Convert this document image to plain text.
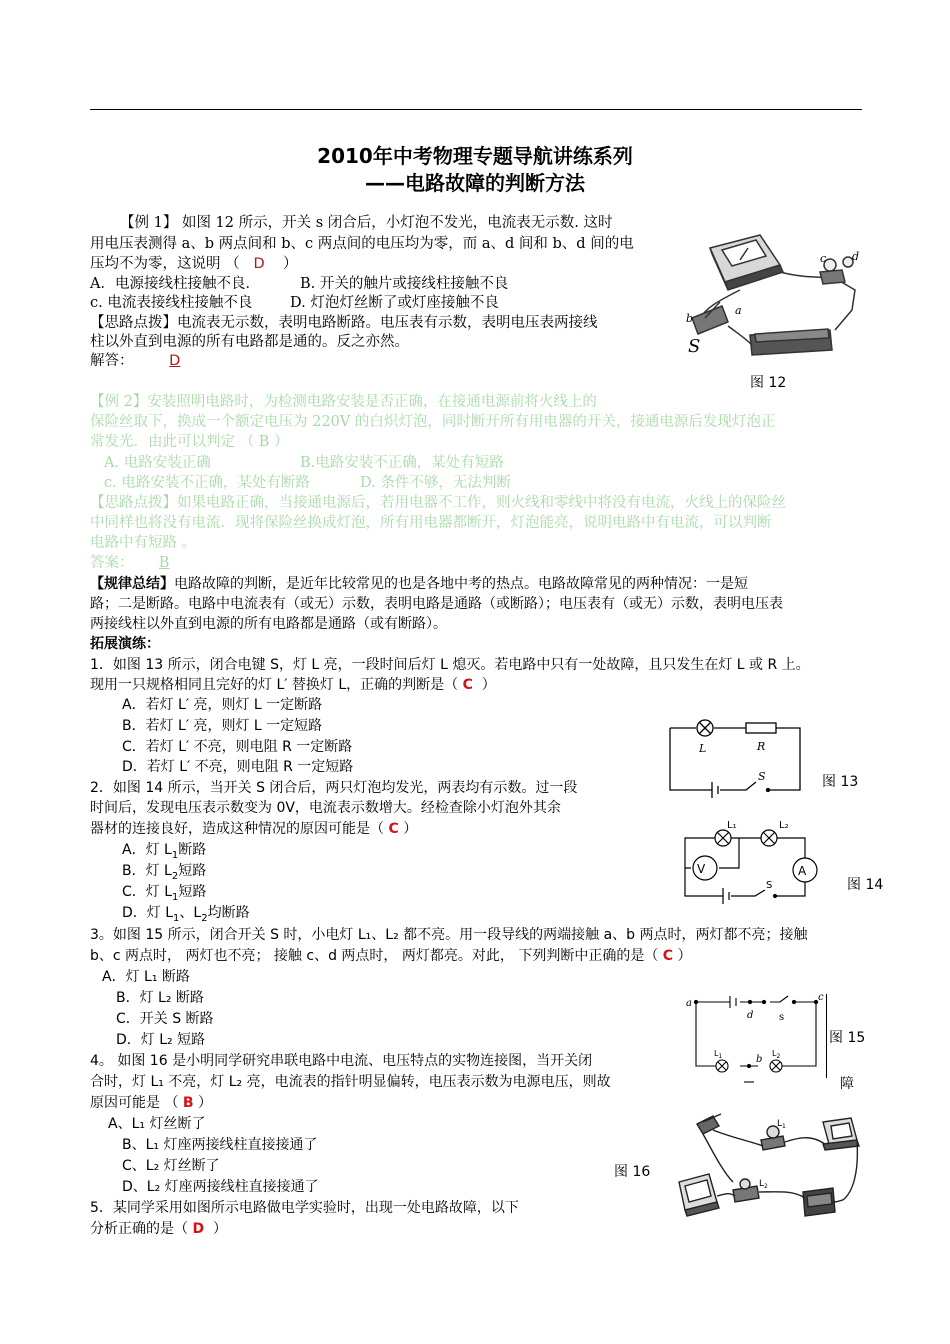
2010年中考物理专题导航讲练系列
——电路故障的判断方法
【例 1】 如图 12 所示，开关 s 闭合后，小灯泡不发光，电流表无示数. 这时
用电压表测得 a、b 两点间和 b、c 两点间的电压均为零，而 a、d 间和 b、d 间的电
压均不为零，这说明 （ D ）
A．电源接线柱接触不良．	B. 开关的触片或接线柱接触不良
c. 电流表接线柱接触不良	D. 灯泡灯丝断了或灯座接触不良
【思路点拨】电流表无示数，表明电路断路。电压表有示数，表明电压表两接线
柱以外直到电源的所有电路都是通的。反之亦然。
解答： D
c d
b
a
S
图 12
【例 2】安装照明电路时，为检测电路安装是否正确，在接通电源前将火线上的
保险丝取下，换成一个额定电压为 220V 的白炽灯泡，同时断开所有用电器的开关，接通电源后发现灯泡正
常发光．由此可以判定 （ B ）
A. 电路安装正确	B.电路安装不正确，某处有短路
c. 电路安装不正确，某处有断路	D. 条件不够，无法判断
【思路点拨】如果电路正确，当接通电源后，若用电器不工作，则火线和零线中将没有电流，火线上的保险丝
中同样也将没有电流．现将保险丝换成灯泡，所有用电器都断开，灯泡能亮，说明电路中有电流，可以判断
电路中有短路 。
答案： B
【规律总结】电路故障的判断，是近年比较常见的也是各地中考的热点。电路故障常见的两种情况：一是短
路；二是断路。电路中电流表有（或无）示数，表明电路是通路（或断路）；电压表有（或无）示数，表明电压表
两接线柱以外直到电源的所有电路都是通路（或有断路）。
拓展演练：
1．如图 13 所示，闭合电键 S，灯 L 亮，一段时间后灯 L 熄灭。若电路中只有一处故障，且只发生在灯 L 或 R 上。
现用一只规格相同且完好的灯 L′ 替换灯 L，正确的判断是（ C ）
A．若灯 L′ 亮，则灯 L 一定断路
B．若灯 L′ 亮，则灯 L 一定短路
C．若灯 L′ 不亮，则电阻 R 一定断路
D．若灯 L′ 不亮，则电阻 R 一定短路
L	R
S	图 13
2．如图 14 所示，当开关 S 闭合后，两只灯泡均发光，两表均有示数。过一段
时间后，发现电压表示数变为 0V，电流表示数增大。经检查除小灯泡外其余
器材的连接良好，造成这种情况的原因可能是（ C ）
A．灯 $L_1$断路
B．灯 $L_2$短路
C．灯 $L_1$短路
D．灯 $L_1$、$L_2$均断路
V	A
L₁	L₂
S	图 14
3。如图 15 所示，闭合开关 S 时，小电灯 L₁、L₂ 都不亮。用一段导线的两端接触 a、b 两点时，两灯都不亮；接触
b、c 两点时， 两灯也不亮； 接触 c、d 两点时， 两灯都亮。对此， 下列判断中正确的是（ C ）
A．灯 L₁ 断路
B．灯 L₂ 断路
C．开关 S 断路
D．灯 L₂ 短路
a
c
d	s
b
$L_1$	$L_2$
图 15
障
4。 如图 16 是小明同学研究串联电路中电流、电压特点的实物连接图，当开关闭
合时，灯 L₁ 不亮，灯 L₂ 亮，电流表的指针明显偏转，电压表示数为电源电压，则故
原因可能是 （ B ）
A、L₁ 灯丝断了
B、L₁ 灯座两接线柱直接接通了
C、L₂ 灯丝断了
D、L₂ 灯座两接线柱直接接通了
图 16
$L_1$
$L_2$
5．某同学采用如图所示电路做电学实验时，出现一处电路故障，以下
分析正确的是（ D ）
